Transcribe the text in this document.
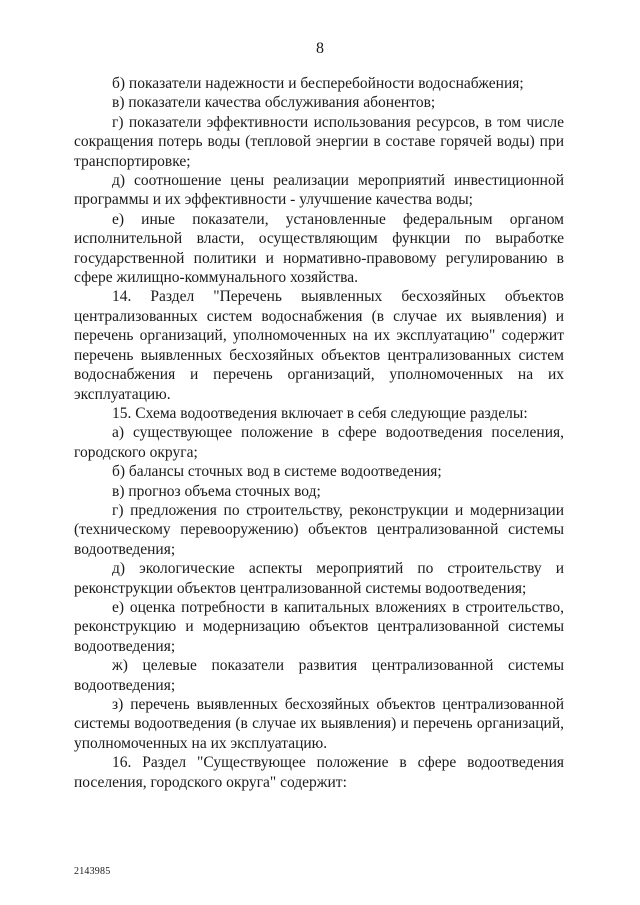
8

б) показатели надежности и бесперебойности водоснабжения;

в) показатели качества обслуживания абонентов;

г) показатели эффективности использования ресурсов, в том числе сокращения потерь воды (тепловой энергии в составе горячей воды) при транспортировке;

д) соотношение цены реализации мероприятий инвестиционной программы и их эффективности - улучшение качества воды;

е) иные показатели, установленные федеральным органом исполнительной власти, осуществляющим функции по выработке государственной политики и нормативно-правовому регулированию в сфере жилищно-коммунального хозяйства.

14. Раздел "Перечень выявленных бесхозяйных объектов централизованных систем водоснабжения (в случае их выявления) и перечень организаций, уполномоченных на их эксплуатацию" содержит перечень выявленных бесхозяйных объектов централизованных систем водоснабжения и перечень организаций, уполномоченных на их эксплуатацию.

15. Схема водоотведения включает в себя следующие разделы:

а) существующее положение в сфере водоотведения поселения, городского округа;

б) балансы сточных вод в системе водоотведения;

в) прогноз объема сточных вод;

г) предложения по строительству, реконструкции и модернизации (техническому перевооружению) объектов централизованной системы водоотведения;

д) экологические аспекты мероприятий по строительству и реконструкции объектов централизованной системы водоотведения;

е) оценка потребности в капитальных вложениях в строительство, реконструкцию и модернизацию объектов централизованной системы водоотведения;

ж) целевые показатели развития централизованной системы водоотведения;

з) перечень выявленных бесхозяйных объектов централизованной системы водоотведения (в случае их выявления) и перечень организаций, уполномоченных на их эксплуатацию.

16. Раздел "Существующее положение в сфере водоотведения поселения, городского округа" содержит:

2143985
